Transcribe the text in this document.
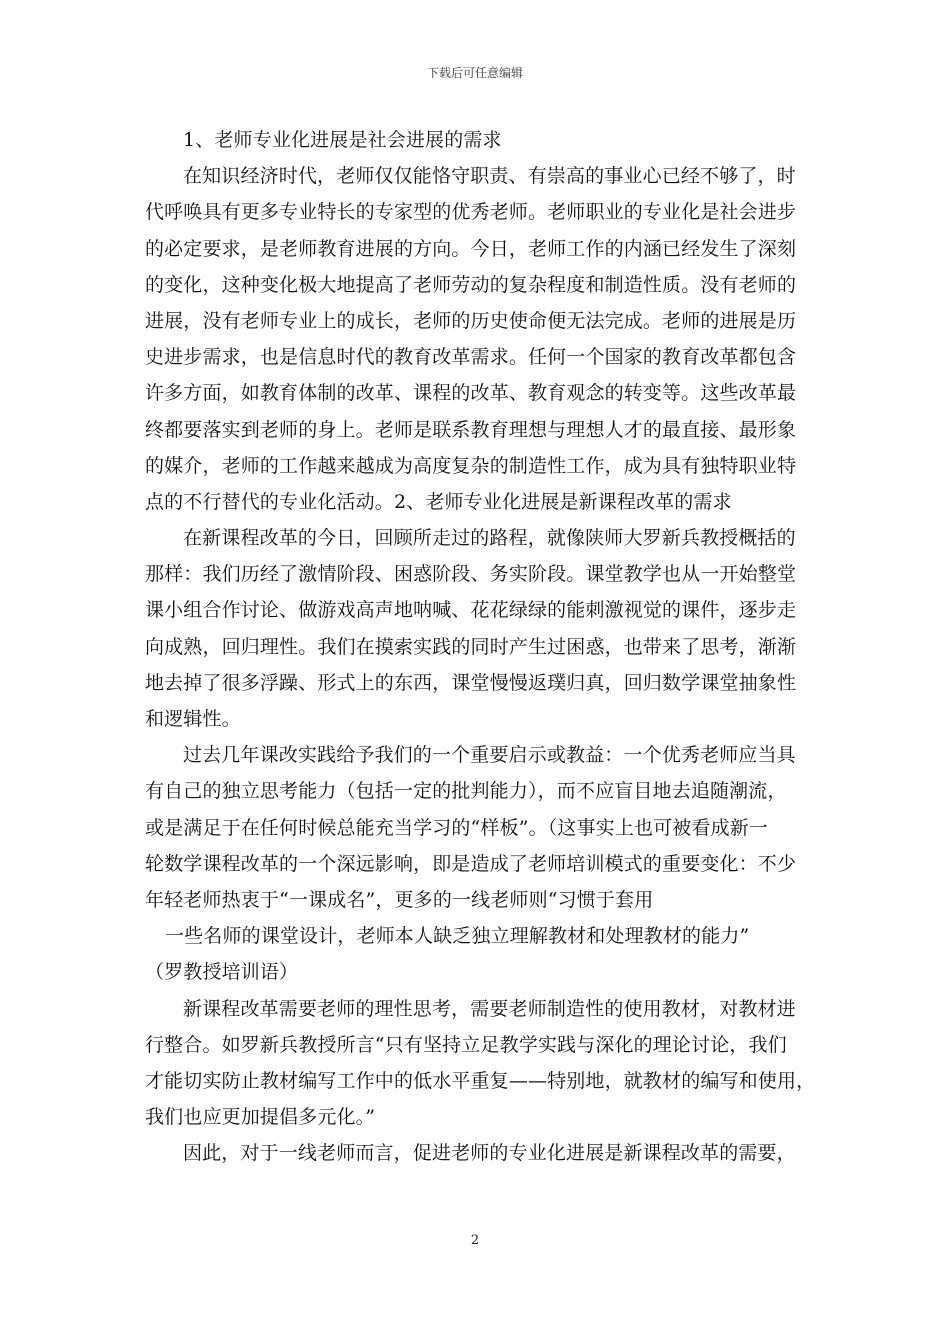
下载后可任意编辑
1、老师专业化进展是社会进展的需求
在知识经济时代，老师仅仅能恪守职责、有崇高的事业心已经不够了，时
代呼唤具有更多专业特长的专家型的优秀老师。老师职业的专业化是社会进步
的必定要求，是老师教育进展的方向。今日，老师工作的内涵已经发生了深刻
的变化，这种变化极大地提高了老师劳动的复杂程度和制造性质。没有老师的
进展，没有老师专业上的成长，老师的历史使命便无法完成。老师的进展是历
史进步需求，也是信息时代的教育改革需求。任何一个国家的教育改革都包含
许多方面，如教育体制的改革、课程的改革、教育观念的转变等。这些改革最
终都要落实到老师的身上。老师是联系教育理想与理想人才的最直接、最形象
的媒介，老师的工作越来越成为高度复杂的制造性工作，成为具有独特职业特
点的不行替代的专业化活动。2、老师专业化进展是新课程改革的需求
在新课程改革的今日，回顾所走过的路程，就像陕师大罗新兵教授概括的
那样：我们历经了激情阶段、困惑阶段、务实阶段。课堂教学也从一开始整堂
课小组合作讨论、做游戏高声地呐喊、花花绿绿的能刺激视觉的课件，逐步走
向成熟，回归理性。我们在摸索实践的同时产生过困惑，也带来了思考，渐渐
地去掉了很多浮躁、形式上的东西，课堂慢慢返璞归真，回归数学课堂抽象性
和逻辑性。
过去几年课改实践给予我们的一个重要启示或教益：一个优秀老师应当具
有自己的独立思考能力（包括一定的批判能力），而不应盲目地去追随潮流，
或是满足于在任何时候总能充当学习的“样板”。（这事实上也可被看成新一
轮数学课程改革的一个深远影响，即是造成了老师培训模式的重要变化：不少
年轻老师热衷于“一课成名”，更多的一线老师则“习惯于套用
一些名师的课堂设计，老师本人缺乏独立理解教材和处理教材的能力”
（罗教授培训语）
新课程改革需要老师的理性思考，需要老师制造性的使用教材，对教材进
行整合。如罗新兵教授所言“只有坚持立足教学实践与深化的理论讨论，我们
才能切实防止教材编写工作中的低水平重复——特别地，就教材的编写和使用，
我们也应更加提倡多元化。”
因此，对于一线老师而言，促进老师的专业化进展是新课程改革的需要，
2
